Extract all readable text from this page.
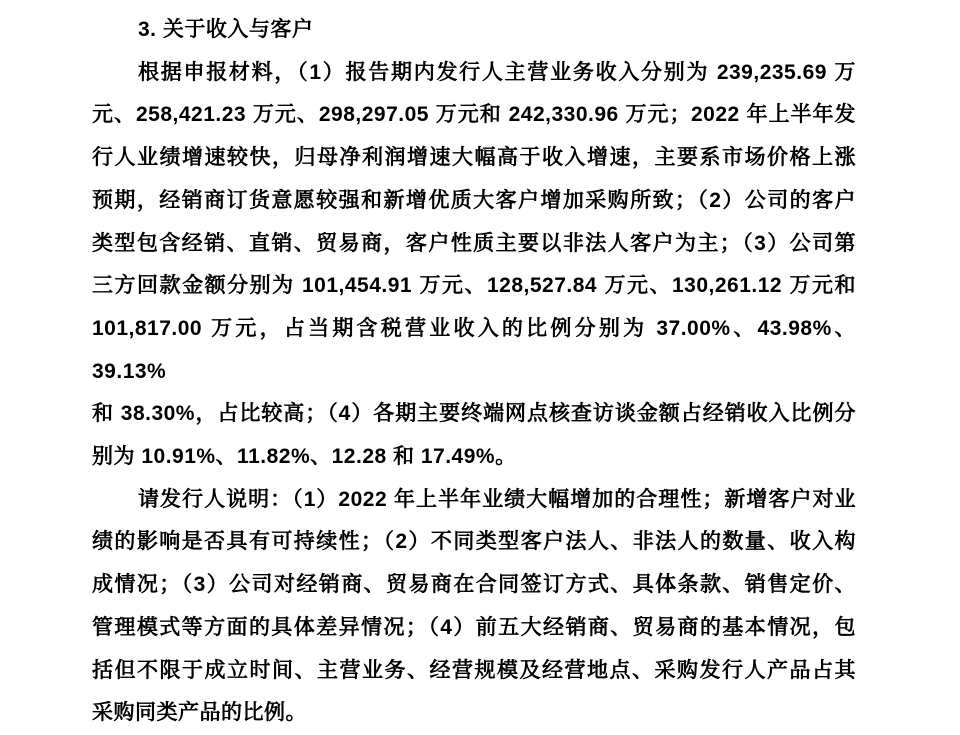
3. 关于收入与客户
根据申报材料，（1）报告期内发行人主营业务收入分别为 239,235.69 万
元、258,421.23 万元、298,297.05 万元和 242,330.96 万元；2022 年上半年发
行人业绩增速较快，归母净利润增速大幅高于收入增速，主要系市场价格上涨
预期，经销商订货意愿较强和新增优质大客户增加采购所致；（2）公司的客户
类型包含经销、直销、贸易商，客户性质主要以非法人客户为主；（3）公司第
三方回款金额分别为 101,454.91 万元、128,527.84 万元、130,261.12 万元和
101,817.00 万元，占当期含税营业收入的比例分别为 37.00%、43.98%、39.13%
和 38.30%，占比较高；（4）各期主要终端网点核查访谈金额占经销收入比例分
别为 10.91%、11.82%、12.28 和 17.49%。
请发行人说明：（1）2022 年上半年业绩大幅增加的合理性；新增客户对业
绩的影响是否具有可持续性；（2）不同类型客户法人、非法人的数量、收入构
成情况；（3）公司对经销商、贸易商在合同签订方式、具体条款、销售定价、
管理模式等方面的具体差异情况；（4）前五大经销商、贸易商的基本情况，包
括但不限于成立时间、主营业务、经营规模及经营地点、采购发行人产品占其
采购同类产品的比例。
